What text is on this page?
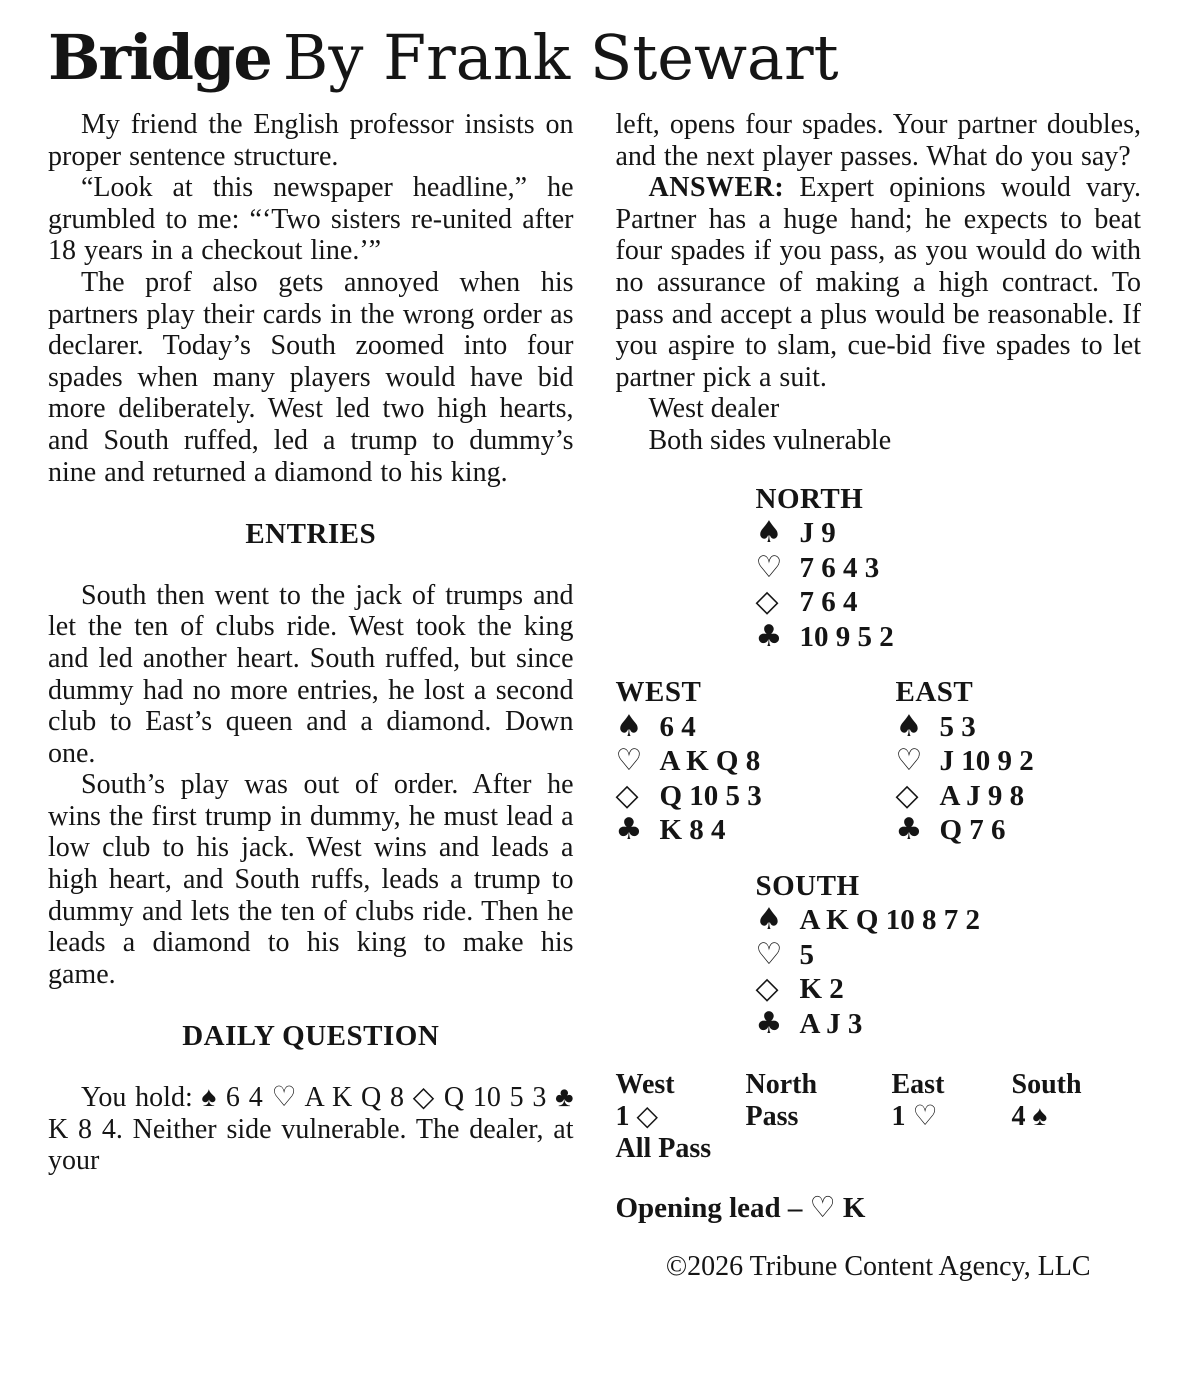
Bridge By Frank Stewart

My friend the English professor insists on proper sentence structure.

“Look at this newspaper headline,” he grumbled to me: “‘Two sisters re-united after 18 years in a checkout line.’”

The prof also gets annoyed when his partners play their cards in the wrong order as declarer. Today’s South zoomed into four spades when many players would have bid more deliberately. West led two high hearts, and South ruffed, led a trump to dummy’s nine and returned a diamond to his king.

ENTRIES

South then went to the jack of trumps and let the ten of clubs ride. West took the king and led another heart. South ruffed, but since dummy had no more entries, he lost a second club to East’s queen and a diamond. Down one.

South’s play was out of order. After he wins the first trump in dummy, he must lead a low club to his jack. West wins and leads a high heart, and South ruffs, leads a trump to dummy and lets the ten of clubs ride. Then he leads a diamond to his king to make his game.

DAILY QUESTION

You hold: ♠ 6 4 ♡ A K Q 8 ◇ Q 10 5 3 ♣ K 8 4. Neither side vulnerable. The dealer, at your

left, opens four spades. Your partner doubles, and the next player passes. What do you say?

ANSWER: Expert opinions would vary. Partner has a huge hand; he expects to beat four spades if you pass, as you would do with no assurance of making a high contract. To pass and accept a plus would be reasonable. If you aspire to slam, cue-bid five spades to let partner pick a suit.

West dealer
Both sides vulnerable
NORTH
♠ J 9
♡ 7 6 4 3
◇ 7 6 4
♣ 10 9 5 2
WEST
♠ 6 4
♡ A K Q 8
◇ Q 10 5 3
♣ K 8 4
EAST
♠ 5 3
♡ J 10 9 2
◇ A J 9 8
♣ Q 7 6
SOUTH
♠ A K Q 10 8 7 2
♡ 5
◇ K 2
♣ A J 3
West	North	East	South
1 ◇	Pass	1 ♡	4 ♠
All Pass
Opening lead – ♡ K
©2026 Tribune Content Agency, LLC
